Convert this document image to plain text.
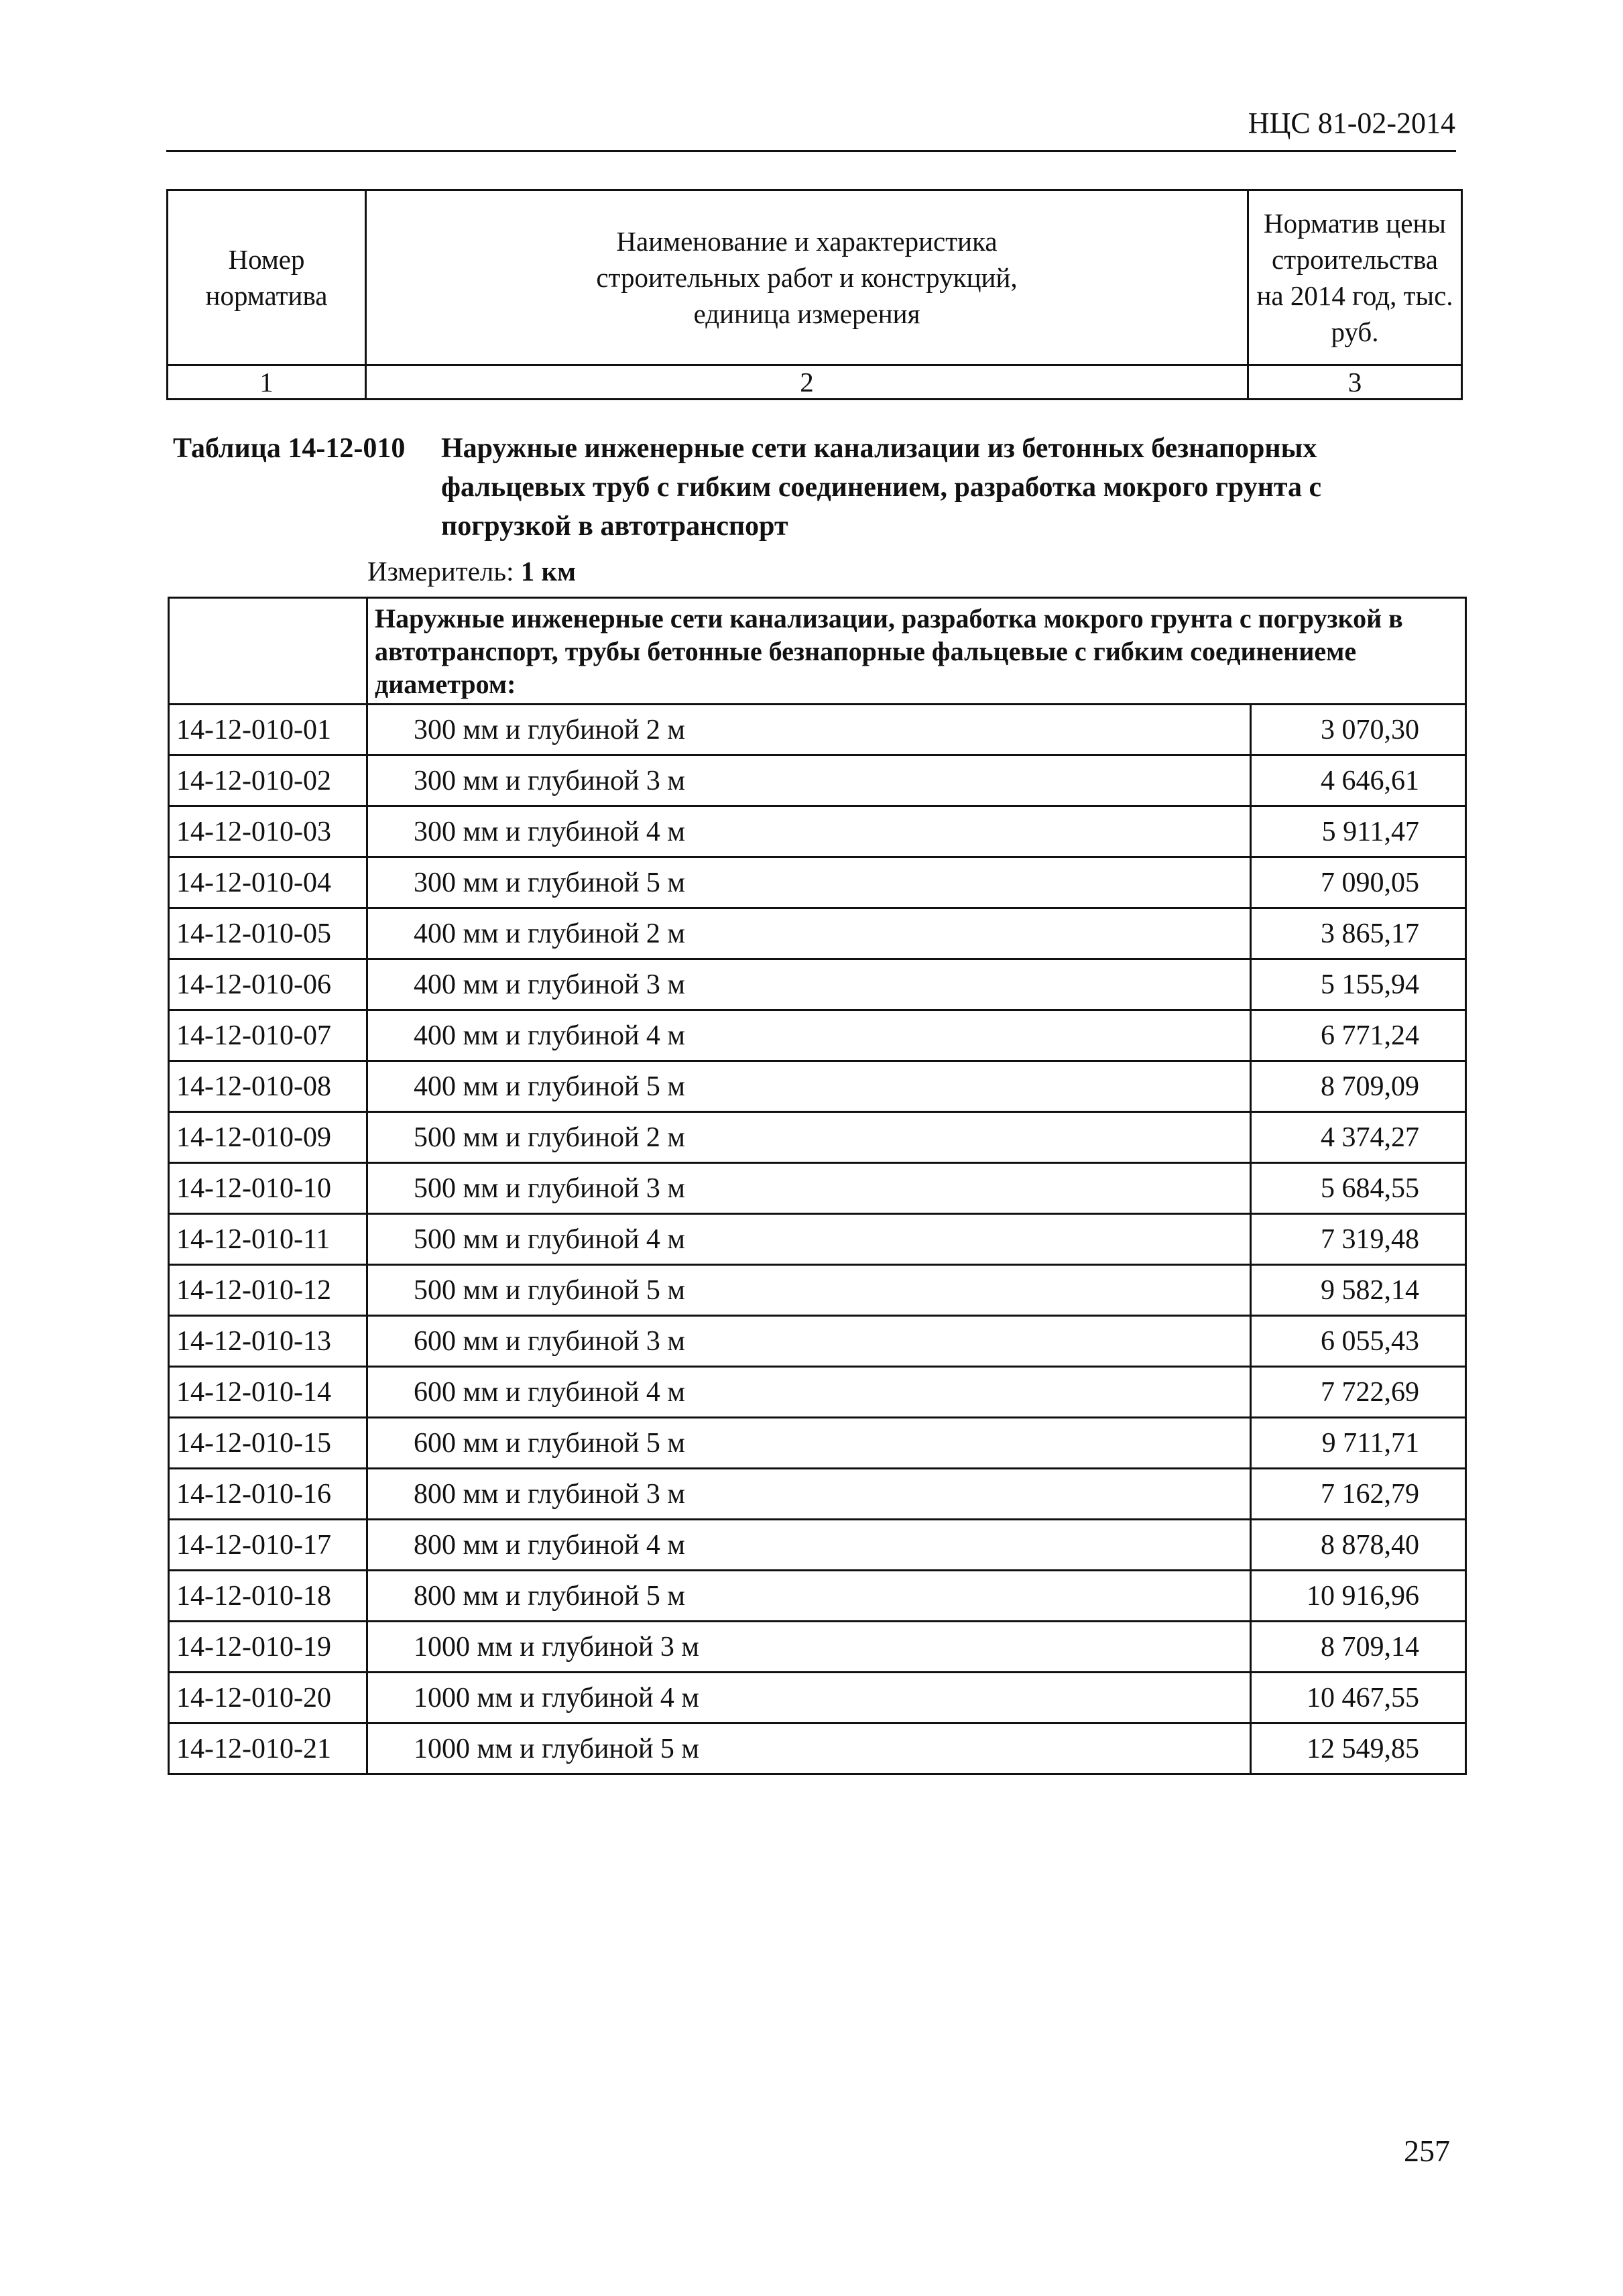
НЦС 81-02-2014
Номер норматива	Наименование и характеристика строительных работ и конструкций, единица измерения	Норматив цены строительства на 2014 год, тыс. руб.

1	2	3
Таблица 14-12-010 Наружные инженерные сети канализации из бетонных безнапорных фальцевых труб с гибким соединением, разработка мокрого грунта с погрузкой в автотранспорт
Измеритель: 1 км
	Наружные инженерные сети канализации, разработка мокрого грунта с погрузкой в автотранспорт, трубы бетонные безнапорные фальцевые с гибким соединениеме диаметром:	
14-12-010-01	300 мм и глубиной 2 м	3 070,30
14-12-010-02	300 мм и глубиной 3 м	4 646,61
14-12-010-03	300 мм и глубиной 4 м	5 911,47
14-12-010-04	300 мм и глубиной 5 м	7 090,05
14-12-010-05	400 мм и глубиной 2 м	3 865,17
14-12-010-06	400 мм и глубиной 3 м	5 155,94
14-12-010-07	400 мм и глубиной 4 м	6 771,24
14-12-010-08	400 мм и глубиной 5 м	8 709,09
14-12-010-09	500 мм и глубиной 2 м	4 374,27
14-12-010-10	500 мм и глубиной 3 м	5 684,55
14-12-010-11	500 мм и глубиной 4 м	7 319,48
14-12-010-12	500 мм и глубиной 5 м	9 582,14
14-12-010-13	600 мм и глубиной 3 м	6 055,43
14-12-010-14	600 мм и глубиной 4 м	7 722,69
14-12-010-15	600 мм и глубиной 5 м	9 711,71
14-12-010-16	800 мм и глубиной 3 м	7 162,79
14-12-010-17	800 мм и глубиной 4 м	8 878,40
14-12-010-18	800 мм и глубиной 5 м	10 916,96
14-12-010-19	1000 мм и глубиной 3 м	8 709,14
14-12-010-20	1000 мм и глубиной 4 м	10 467,55
14-12-010-21	1000 мм и глубиной 5 м	12 549,85
257
